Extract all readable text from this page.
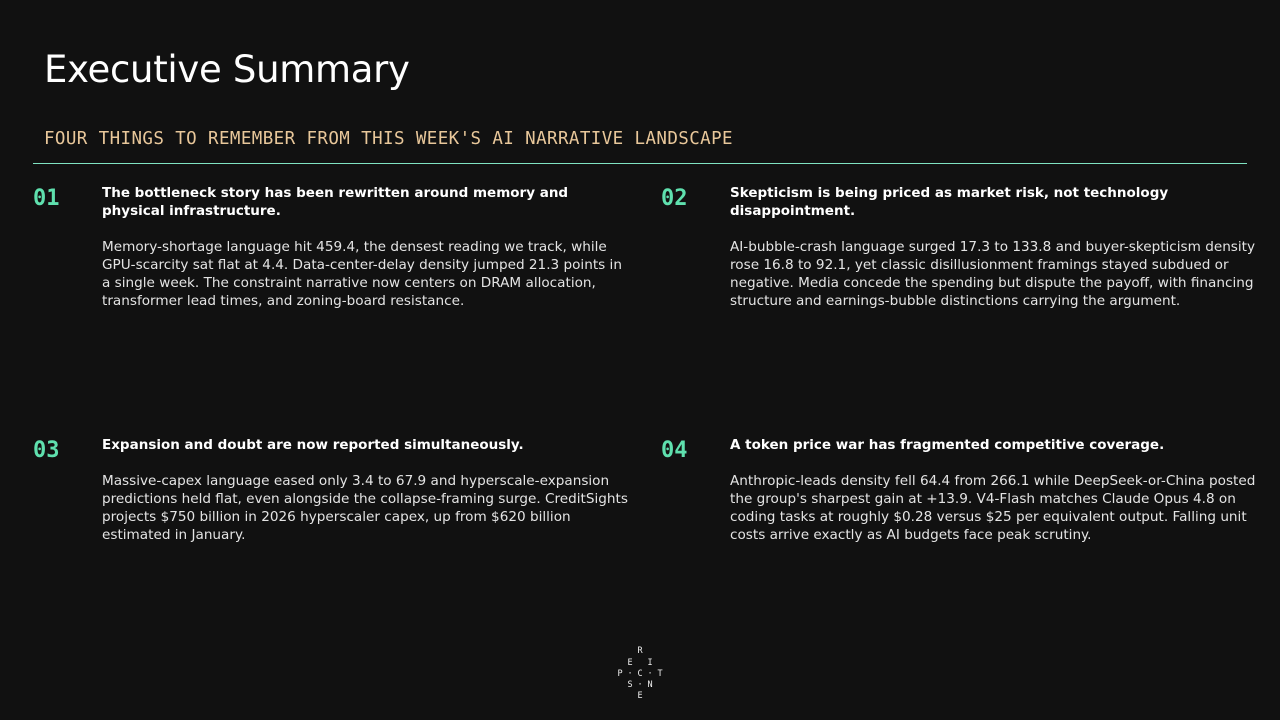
Executive Summary
FOUR THINGS TO REMEMBER FROM THIS WEEK'S AI NARRATIVE LANDSCAPE
01	The bottleneck story has been rewritten around memory and physical infrastructure.

Memory-shortage language hit 459.4, the densest reading we track, while GPU-scarcity sat flat at 4.4. Data-center-delay density jumped 21.3 points in a single week. The constraint narrative now centers on DRAM allocation, transformer lead times, and zoning-board resistance.

02	Skepticism is being priced as market risk, not technology disappointment.

AI-bubble-crash language surged 17.3 to 133.8 and buyer-skepticism density rose 16.8 to 92.1, yet classic disillusionment framings stayed subdued or negative. Media concede the spending but dispute the payoff, with financing structure and earnings-bubble distinctions carrying the argument.

03	Expansion and doubt are now reported simultaneously.

Massive-capex language eased only 3.4 to 67.9 and hyperscale-expansion predictions held flat, even alongside the collapse-framing surge. CreditSights projects $750 billion in 2026 hyperscaler capex, up from $620 billion estimated in January.

04	A token price war has fragmented competitive coverage.

Anthropic-leads density fell 64.4 from 266.1 while DeepSeek-or-China posted the group's sharpest gain at +13.9. V4-Flash matches Claude Opus 4.8 on coding tasks at roughly $0.28 versus $25 per equivalent output. Falling unit costs arrive exactly as AI budgets face peak scrutiny.

R
E I
P · C · T
S · N
E
